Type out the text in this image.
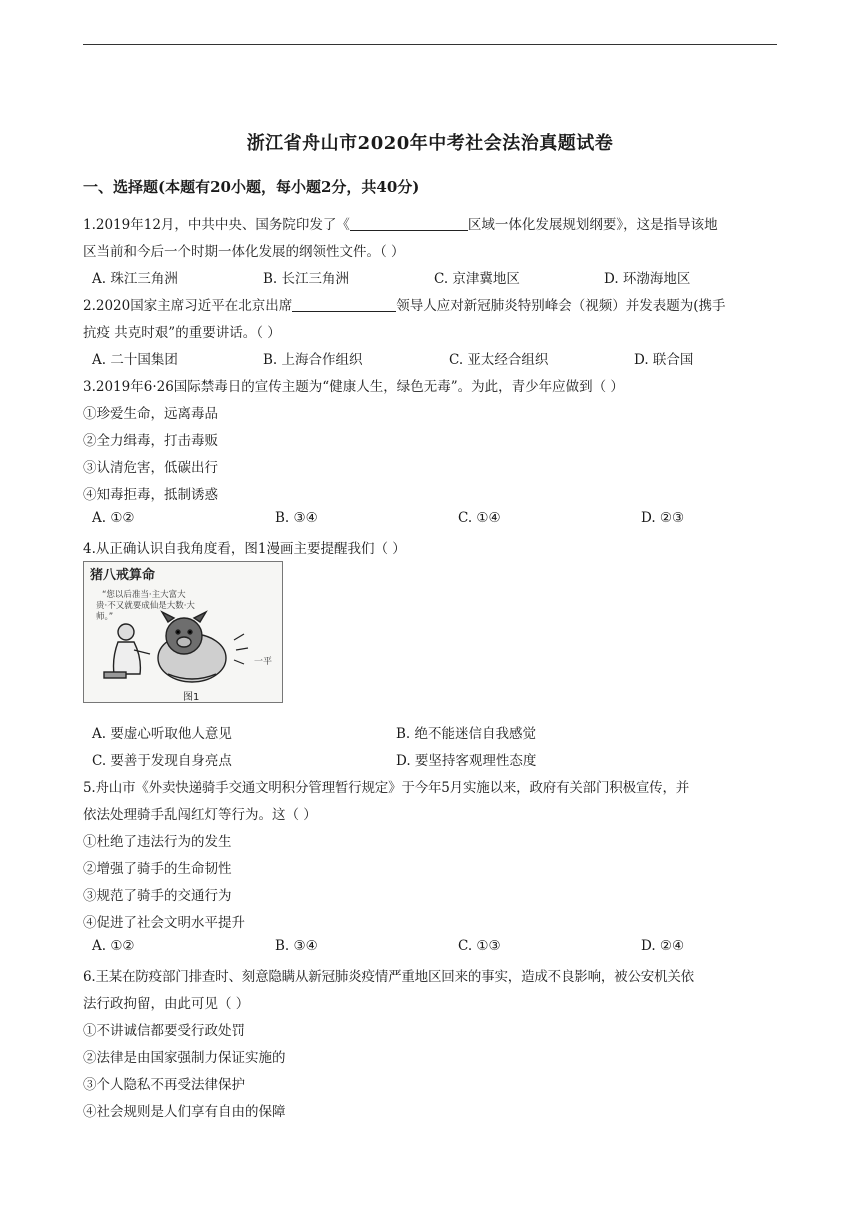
浙江省舟山市2020年中考社会法治真题试卷
一、选择题(本题有20小题，每小题2分，共40分)
1.2019年12月，中共中央、国务院印发了《	区域一体化发展规划纲要》，这是指导该地
区当前和今后一个时期一体化发展的纲领性文件。（ ）
A. 珠江三角洲	B. 长江三角洲	C. 京津冀地区	D. 环渤海地区
2.2020国家主席习近平在北京出席	领导人应对新冠肺炎特别峰会（视频）并发表题为(携手
抗疫 共克时艰”的重要讲话。（ ）
A. 二十国集团	B. 上海合作组织	C. 亚太经合组织	D. 联合国
3.2019年6·26国际禁毒日的宣传主题为“健康人生，绿色无毒”。为此，青少年应做到（ ）
①珍爱生命，远离毒品
②全力缉毒，打击毒贩
③认清危害，低碳出行
④知毒拒毒，抵制诱惑
A. ①②	B. ③④	C. ①④	D. ②③
4.从正确认识自我角度看，图1漫画主要提醒我们（ ）
猪八戒算命
“您以后准当·主大富大
贵·不又就要成仙是大数·大
师。”
一平
图1
A. 要虚心听取他人意见	B. 绝不能迷信自我感觉
C. 要善于发现自身亮点	D. 要坚持客观理性态度
5.舟山市《外卖快递骑手交通文明积分管理暂行规定》于今年5月实施以来，政府有关部门积极宣传，并
依法处理骑手乱闯红灯等行为。这（ ）
①杜绝了违法行为的发生
②增强了骑手的生命韧性
③规范了骑手的交通行为
④促进了社会文明水平提升
A. ①②	B. ③④	C. ①③	D. ②④
6.王某在防疫部门排查时、刻意隐瞒从新冠肺炎疫情严重地区回来的事实，造成不良影响，被公安机关依
法行政拘留，由此可见（ ）
①不讲诚信都要受行政处罚
②法律是由国家强制力保证实施的
③个人隐私不再受法律保护
④社会规则是人们享有自由的保障
